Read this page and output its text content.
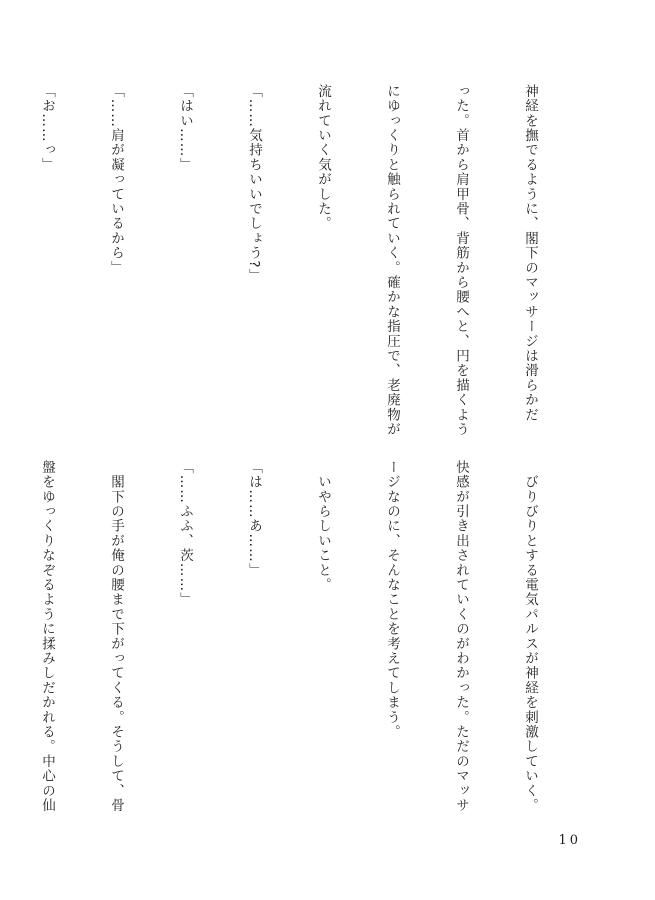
神経を撫でるように、閣下のマッサージは滑らかだ

った。首から肩甲骨、背筋から腰へと、円を描くよう

にゆっくりと触られていく。確かな指圧で、老廃物が

流れていく気がした。

「……気持ちいいでしょう?」

「はい……」

「……肩が凝っているから」

「お……っ」

　びりびりとする電気パルスが神経を刺激していく。

快感が引き出されていくのがわかった。ただのマッサ

ージなのに、そんなことを考えてしまう。

　いやらしいこと。

「は……あ……」

「……ふふ、茨……」

　閣下の手が俺の腰まで下がってくる。そうして、骨

盤をゆっくりなぞるように揉みしだかれる。中心の仙

10
